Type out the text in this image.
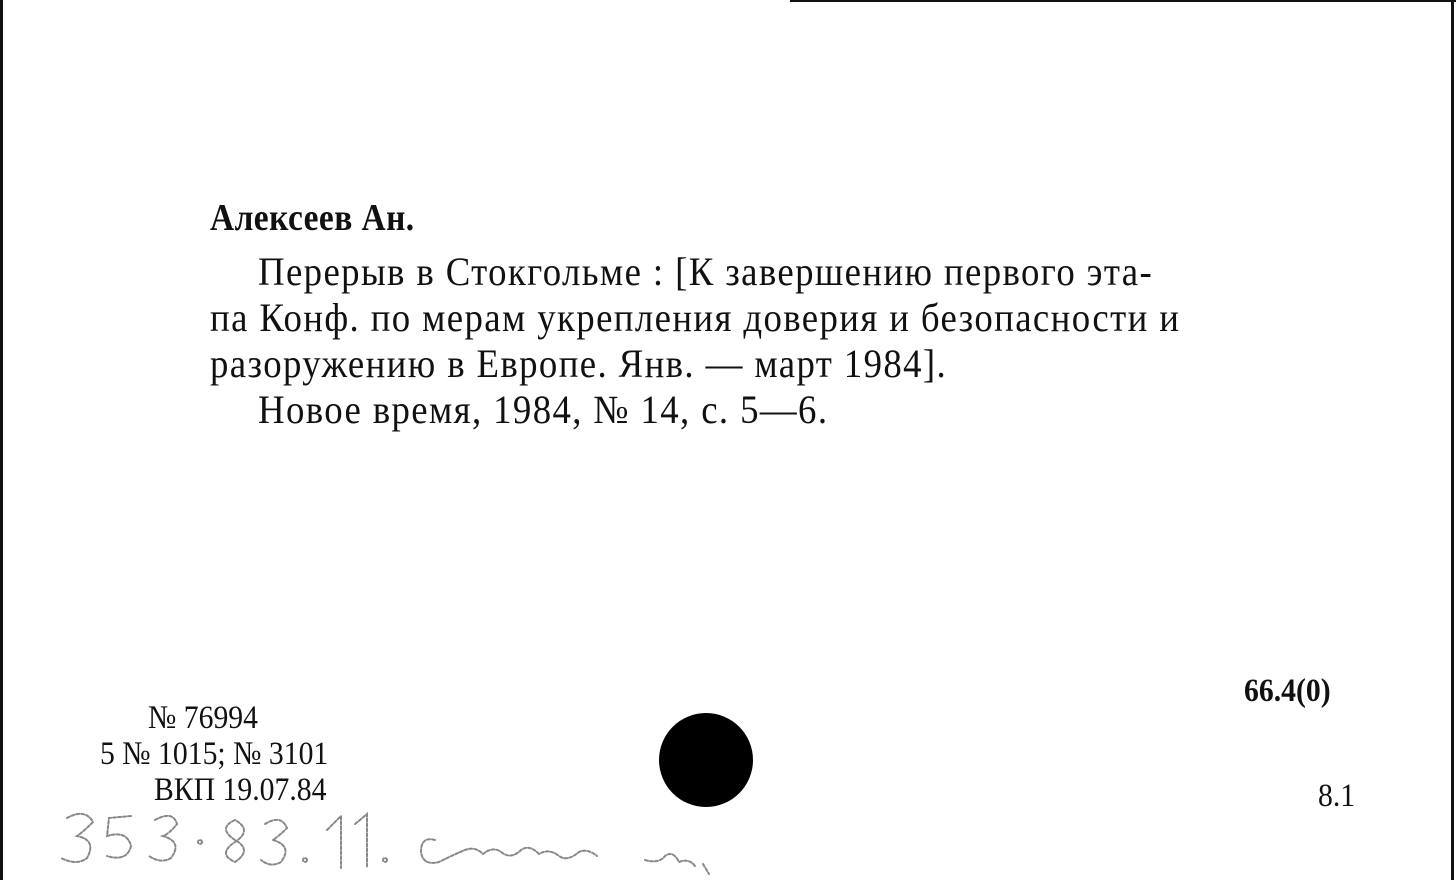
Алексеев Ан.
Перерыв в Стокгольме : [К завершению первого эта-
па Конф. по мерам укрепления доверия и безопасности и
разоружению в Европе. Янв. — март 1984].
Новое время, 1984, № 14, с. 5—6.
№ 76994
5 № 1015; № 3101
ВКП 19.07.84
66.4(0)
8.1
